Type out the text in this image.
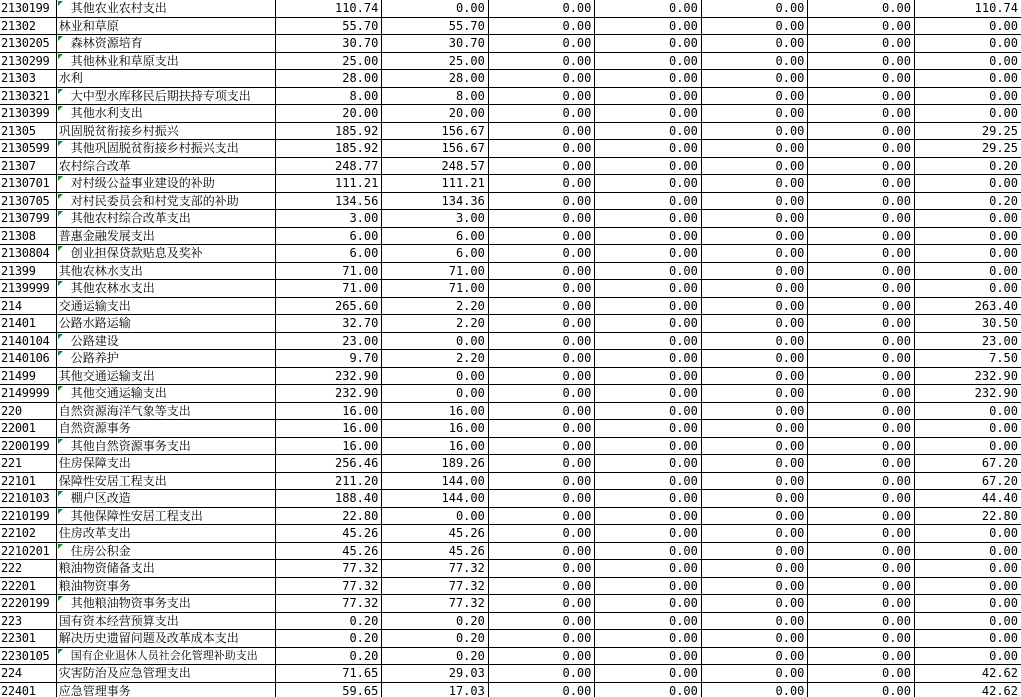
2130199	其他农业农村支出	110.74	0.00	0.00	0.00	0.00	0.00	110.74
21302	林业和草原	55.70	55.70	0.00	0.00	0.00	0.00	0.00
2130205	森林资源培育	30.70	30.70	0.00	0.00	0.00	0.00	0.00
2130299	其他林业和草原支出	25.00	25.00	0.00	0.00	0.00	0.00	0.00
21303	水利	28.00	28.00	0.00	0.00	0.00	0.00	0.00
2130321	大中型水库移民后期扶持专项支出	8.00	8.00	0.00	0.00	0.00	0.00	0.00
2130399	其他水利支出	20.00	20.00	0.00	0.00	0.00	0.00	0.00
21305	巩固脱贫衔接乡村振兴	185.92	156.67	0.00	0.00	0.00	0.00	29.25
2130599	其他巩固脱贫衔接乡村振兴支出	185.92	156.67	0.00	0.00	0.00	0.00	29.25
21307	农村综合改革	248.77	248.57	0.00	0.00	0.00	0.00	0.20
2130701	对村级公益事业建设的补助	111.21	111.21	0.00	0.00	0.00	0.00	0.00
2130705	对村民委员会和村党支部的补助	134.56	134.36	0.00	0.00	0.00	0.00	0.20
2130799	其他农村综合改革支出	3.00	3.00	0.00	0.00	0.00	0.00	0.00
21308	普惠金融发展支出	6.00	6.00	0.00	0.00	0.00	0.00	0.00
2130804	创业担保贷款贴息及奖补	6.00	6.00	0.00	0.00	0.00	0.00	0.00
21399	其他农林水支出	71.00	71.00	0.00	0.00	0.00	0.00	0.00
2139999	其他农林水支出	71.00	71.00	0.00	0.00	0.00	0.00	0.00
214	交通运输支出	265.60	2.20	0.00	0.00	0.00	0.00	263.40
21401	公路水路运输	32.70	2.20	0.00	0.00	0.00	0.00	30.50
2140104	公路建设	23.00	0.00	0.00	0.00	0.00	0.00	23.00
2140106	公路养护	9.70	2.20	0.00	0.00	0.00	0.00	7.50
21499	其他交通运输支出	232.90	0.00	0.00	0.00	0.00	0.00	232.90
2149999	其他交通运输支出	232.90	0.00	0.00	0.00	0.00	0.00	232.90
220	自然资源海洋气象等支出	16.00	16.00	0.00	0.00	0.00	0.00	0.00
22001	自然资源事务	16.00	16.00	0.00	0.00	0.00	0.00	0.00
2200199	其他自然资源事务支出	16.00	16.00	0.00	0.00	0.00	0.00	0.00
221	住房保障支出	256.46	189.26	0.00	0.00	0.00	0.00	67.20
22101	保障性安居工程支出	211.20	144.00	0.00	0.00	0.00	0.00	67.20
2210103	棚户区改造	188.40	144.00	0.00	0.00	0.00	0.00	44.40
2210199	其他保障性安居工程支出	22.80	0.00	0.00	0.00	0.00	0.00	22.80
22102	住房改革支出	45.26	45.26	0.00	0.00	0.00	0.00	0.00
2210201	住房公积金	45.26	45.26	0.00	0.00	0.00	0.00	0.00
222	粮油物资储备支出	77.32	77.32	0.00	0.00	0.00	0.00	0.00
22201	粮油物资事务	77.32	77.32	0.00	0.00	0.00	0.00	0.00
2220199	其他粮油物资事务支出	77.32	77.32	0.00	0.00	0.00	0.00	0.00
223	国有资本经营预算支出	0.20	0.20	0.00	0.00	0.00	0.00	0.00
22301	解决历史遗留问题及改革成本支出	0.20	0.20	0.00	0.00	0.00	0.00	0.00
2230105	国有企业退休人员社会化管理补助支出	0.20	0.20	0.00	0.00	0.00	0.00	0.00
224	灾害防治及应急管理支出	71.65	29.03	0.00	0.00	0.00	0.00	42.62
22401	应急管理事务	59.65	17.03	0.00	0.00	0.00	0.00	42.62
